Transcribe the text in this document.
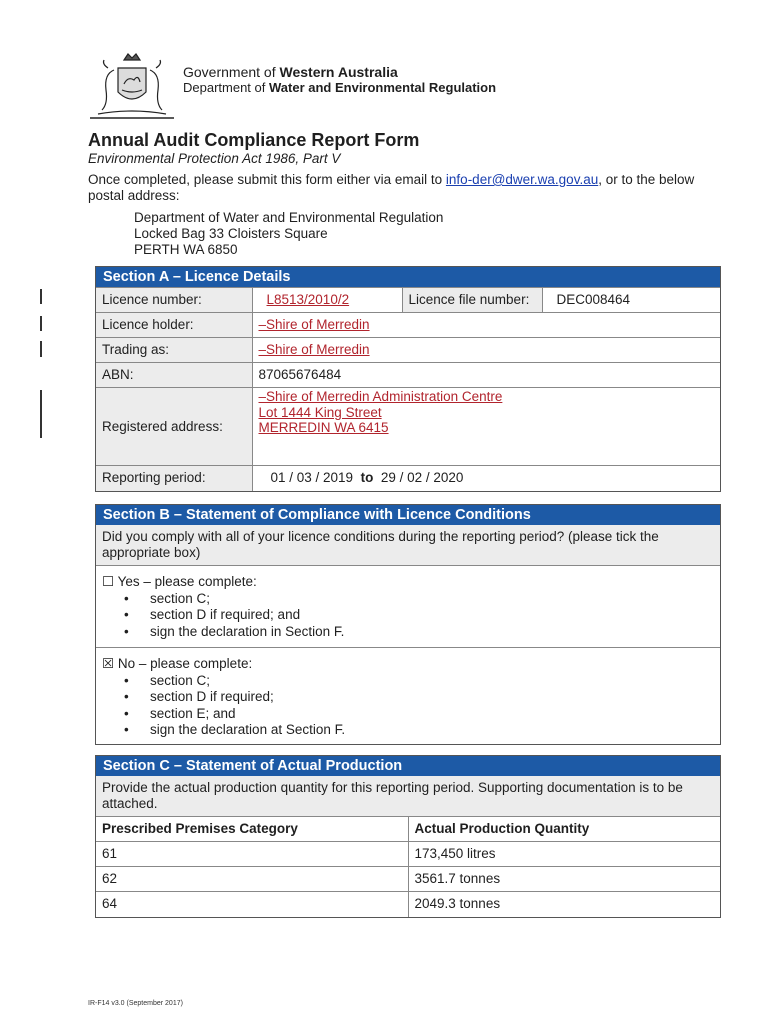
Government of Western Australia
Department of Water and Environmental Regulation
Annual Audit Compliance Report Form
Environmental Protection Act 1986, Part V
Once completed, please submit this form either via email to info-der@dwer.wa.gov.au, or to the below postal address:
Department of Water and Environmental Regulation
Locked Bag 33 Cloisters Square
PERTH WA 6850
Section A – Licence Details
Licence number:	L8513/2010/2	Licence file number:	DEC008464
Licence holder:	–Shire of Merredin		
Trading as:	–Shire of Merredin		
ABN:	87065676484		
Registered address:	–Shire of Merredin Administration Centre
Lot 1444 King Street
MERREDIN WA 6415		

Reporting period:	01 / 03 / 2019 to 29 / 02 / 2020		
Section B – Statement of Compliance with Licence Conditions
Did you comply with all of your licence conditions during the reporting period? (please tick the appropriate box)
☐ Yes – please complete:
• section C;
• section D if required; and
• sign the declaration in Section F.
☒ No – please complete:
• section C;
• section D if required;
• section E; and
• sign the declaration at Section F.
Section C – Statement of Actual Production
Provide the actual production quantity for this reporting period. Supporting documentation is to be attached.
Prescribed Premises Category	Actual Production Quantity
61	173,450 litres
62	3561.7 tonnes
64	2049.3 tonnes
IR-F14 v3.0 (September 2017)
